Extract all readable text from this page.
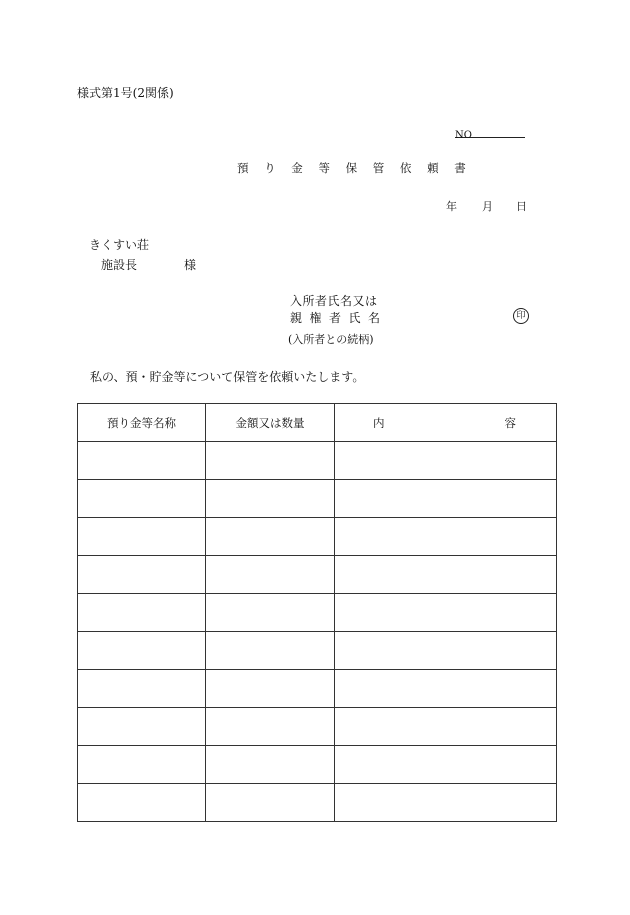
様式第1号(2関係)
NO
預 り 金 等 保 管 依 頼 書
年 月 日
きくすい荘
施設長	様
入所者氏名又は
親権者氏名
(入所者との続柄)
印
私の、預・貯金等について保管を依頼いたします。
預り金等名称	金額又は数量	内 容
